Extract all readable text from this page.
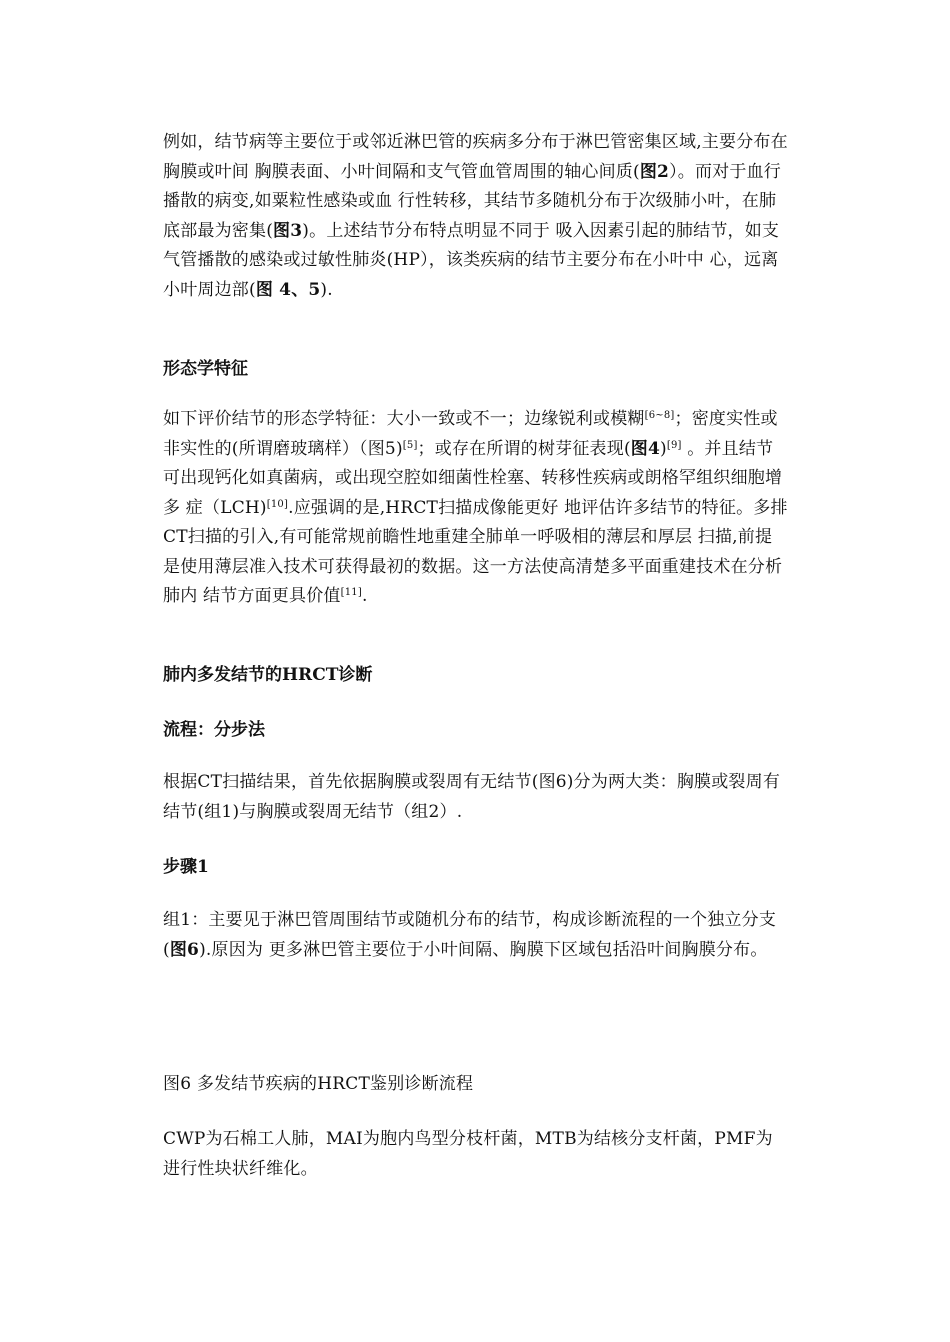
例如，结节病等主要位于或邻近淋巴管的疾病多分布于淋巴管密集区域,主要分布在胸膜或叶间 胸膜表面、小叶间隔和支气管血管周围的轴心间质(图2）。而对于血行播散的病变,如粟粒性感染或血 行性转移，其结节多随机分布于次级肺小叶，在肺底部最为密集(图3)。上述结节分布特点明显不同于 吸入因素引起的肺结节，如支气管播散的感染或过敏性肺炎(HP），该类疾病的结节主要分布在小叶中 心，远离小叶周边部(图 4、5).

形态学特征

如下评价结节的形态学特征：大小一致或不一；边缘锐利或模糊[6~8]；密度实性或非实性的(所谓磨玻璃样）（图5)[5]；或存在所谓的树芽征表现(图4)[9] 。并且结节可出现钙化如真菌病，或出现空腔如细菌性栓塞、转移性疾病或朗格罕组织细胞增多 症（LCH)[10].应强调的是,HRCT扫描成像能更好 地评估许多结节的特征。多排CT扫描的引入,有可能常规前瞻性地重建全肺单一呼吸相的薄层和厚层 扫描,前提是使用薄层准入技术可获得最初的数据。这一方法使高清楚多平面重建技术在分析肺内 结节方面更具价值[11].

肺内多发结节的HRCT诊断
流程：分步法

根据CT扫描结果，首先依据胸膜或裂周有无结节(图6)分为两大类：胸膜或裂周有结节(组1)与胸膜或裂周无结节（组2）.

步骤1

组1：主要见于淋巴管周围结节或随机分布的结节，构成诊断流程的一个独立分支(图6).原因为 更多淋巴管主要位于小叶间隔、胸膜下区域包括沿叶间胸膜分布。

图6 多发结节疾病的HRCT鉴别诊断流程

CWP为石棉工人肺，MAI为胞内鸟型分枝杆菌，MTB为结核分支杆菌，PMF为进行性块状纤维化。
